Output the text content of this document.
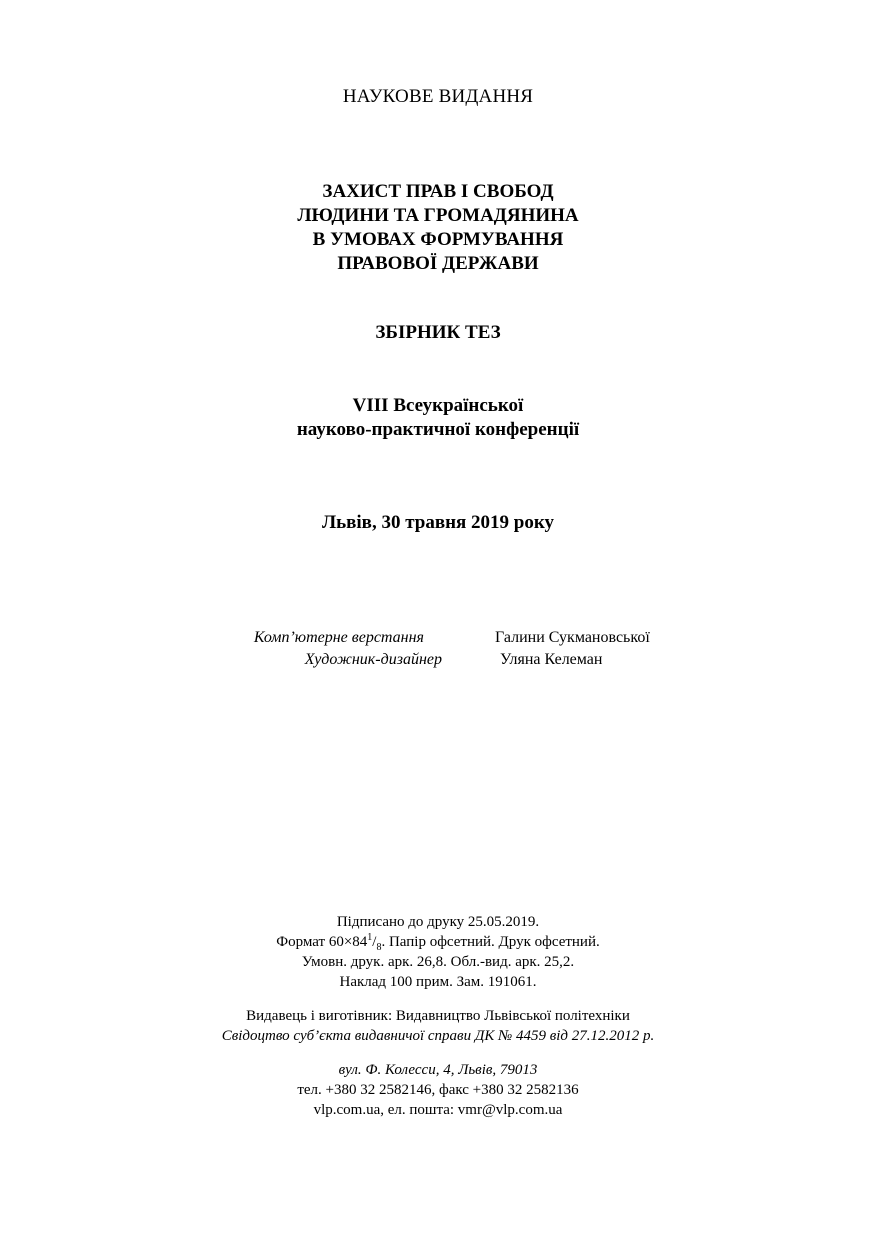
НАУКОВЕ ВИДАННЯ
ЗАХИСТ ПРАВ І СВОБОД
ЛЮДИНИ ТА ГРОМАДЯНИНА
В УМОВАХ ФОРМУВАННЯ
ПРАВОВОЇ ДЕРЖАВИ
ЗБІРНИК ТЕЗ
VIII Всеукраїнської
науково-практичної конференції
Львів, 30 травня 2019 року
Комп’ютерне верстання	Галини Сукмановської
Художник-дизайнер	Уляна Келеман
Підписано до друку 25.05.2019.
Формат $60\times 84^1/_8$. Папір офсетний. Друк офсетний.
Умовн. друк. арк. 26,8. Обл.-вид. арк. 25,2.
Наклад 100 прим. Зам. 191061.
Видавець і виготівник: Видавництво Львівської політехніки
Свідоцтво суб’єкта видавничої справи ДК № 4459 від 27.12.2012 р.
вул. Ф. Колесси, 4, Львів, 79013
тел. +380 32 2582146, факс +380 32 2582136
vlp.com.ua, ел. пошта: vmr@vlp.com.ua
